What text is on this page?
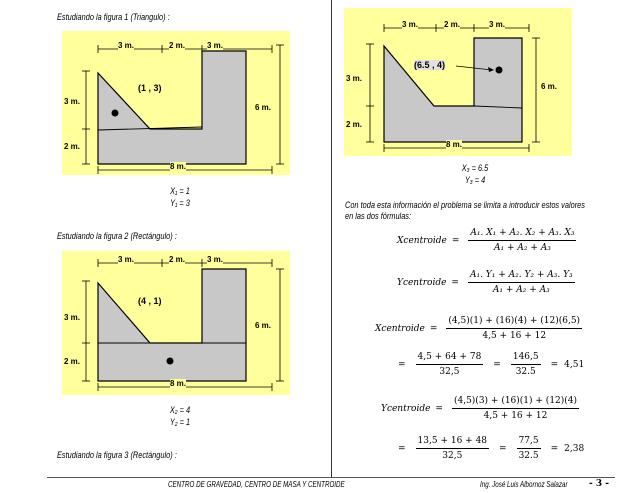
Estudiando la figura 1 (Triangulo) :
3 m.	2 m.	3 m.
3 m.
2 m.
6 m.
8 m.
(1 , 3)
X₁ = 1
Y₁ = 3
Estudiando la figura 2 (Rectángulo) :
3 m.	2 m.	3 m.
3 m.
2 m.
6 m.
8 m.
(4 , 1)
X₂ = 4
Y₂ = 1
Estudiando la figura 3 (Rectángulo) :
3 m.	2 m.	3 m.
3 m.
2 m.
6 m.
8 m.
(6.5 , 4)
X₃ = 6.5
Y₃ = 4
Con toda esta información el problema se limita a introducir estos valores
en las dos fórmulas:
Xcentroide = $\frac{\text{A₁. X₁ + A₂. X₂ + A₃. X₃}}{\text{A₁ + A₂ + A₃}}$
Ycentroide = $\frac{\text{A₁. Y₁ + A₂. Y₂ + A₃. Y₃}}{\text{A₁ + A₂ + A₃}}$
Xcentroide = $\frac{(4,5)(1) + (16)(4) + (12)(6,5)}{4,5 + 16 + 12}$
= $\frac{4,5 + 64 + 78}{32,5} = \frac{146,5}{32.5} = 4,51$
Ycentroide = $\frac{(4,5)(3) + (16)(1) + (12)(4)}{4,5 + 16 + 12}$
= $\frac{13,5 + 16 + 48}{32,5} = \frac{77,5}{32.5} = 2,38$
CENTRO DE GRAVEDAD, CENTRO DE MASA Y CENTROIDE	Ing. José Luis Albornoz Salazar - 3 -
